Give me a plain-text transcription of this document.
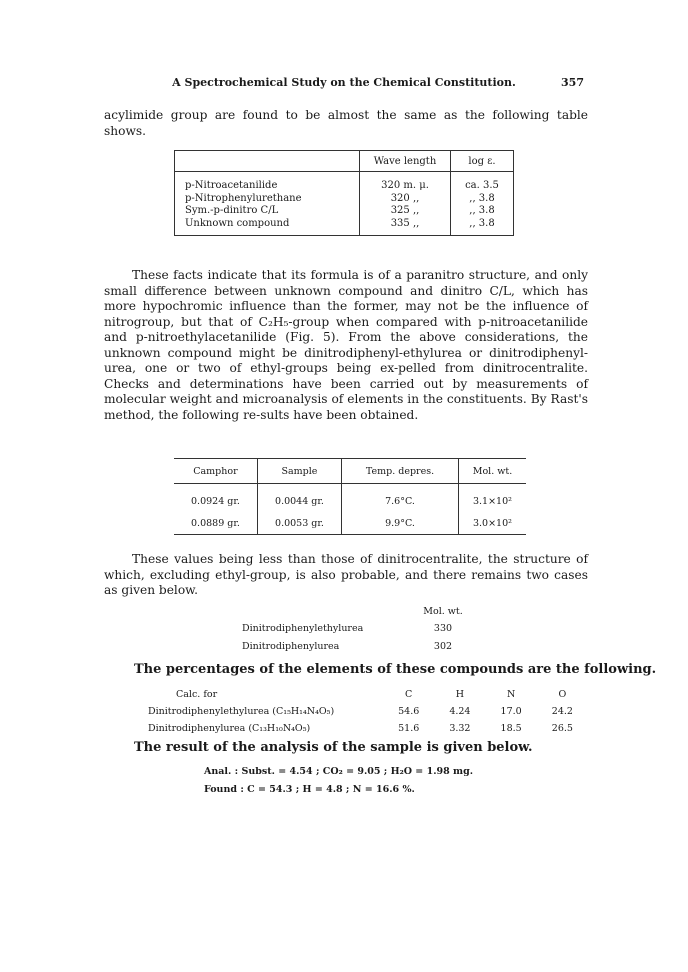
A Spectrochemical Study on the Chemical Constitution.	357

acylimide group are found to be almost the same as the following table shows.

	Wave length	log ε.
p-Nitroacetanilide	320 m. μ.	ca. 3.5
p-Nitrophenylurethane	320 ,,	,, 3.8
Sym.-p-dinitro C/L	325 ,,	,, 3.8
Unknown compound	335 ,,	,, 3.8

These facts indicate that its formula is of a paranitro structure, and only small difference between unknown compound and dinitro C/L, which has more hypochromic influence than the former, may not be the influence of nitrogroup, but that of C₂H₅-group when compared with p-nitroacetanilide and p-nitroethylacetanilide (Fig. 5). From the above considerations, the unknown compound might be dinitrodiphenyl-ethylurea or dinitrodiphenyl-urea, one or two of ethyl-groups being ex-pelled from dinitrocentralite. Checks and determinations have been carried out by measurements of molecular weight and microanalysis of elements in the constituents. By Rast's method, the following re-sults have been obtained.

Camphor	Sample	Temp. depres.	Mol. wt.
0.0924 gr.	0.0044 gr.	7.6°C.	3.1×10²
0.0889 gr.	0.0053 gr.	9.9°C.	3.0×10²

These values being less than those of dinitrocentralite, the structure of which, excluding ethyl-group, is also probable, and there remains two cases as given below.

Mol. wt.
Dinitrodiphenylethylurea	330
Dinitrodiphenylurea	302
The percentages of the elements of these compounds are the following.
Calc. for	C	H	N	O
Dinitrodiphenylethylurea (C₁₅H₁₄N₄O₅)	54.6	4.24	17.0	24.2
Dinitrodiphenylurea (C₁₃H₁₀N₄O₅)	51.6	3.32	18.5	26.5
The result of the analysis of the sample is given below.
Anal. : Subst. = 4.54 ; CO₂ = 9.05 ; H₂O = 1.98 mg.
Found : C = 54.3 ; H = 4.8 ; N = 16.6 %.
